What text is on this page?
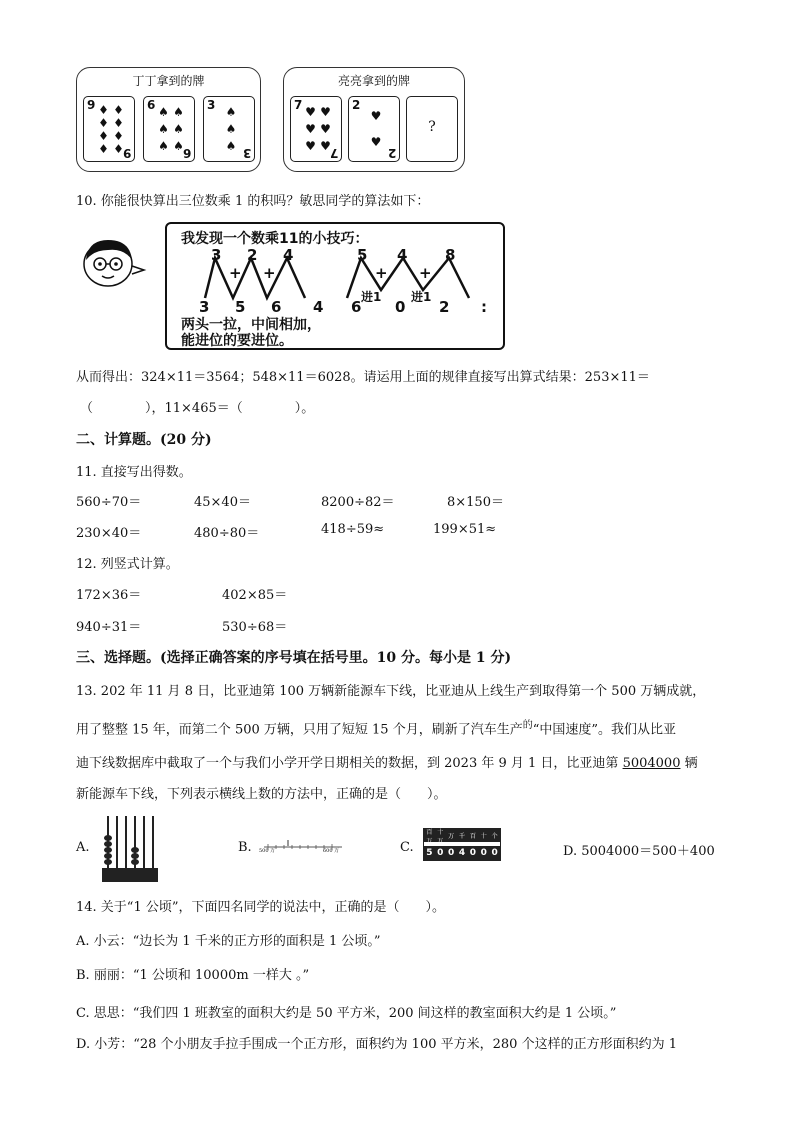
丁丁拿到的牌
9 ♦ ♦
♦ ♦
♦ ♦
♦ ♦
9
6 ♠ ♠
♠ ♠
♠ ♠
6
3 ♠
♠
♠ 3
亮亮拿到的牌
7 ♥ ♥
♥ ♥
♥ ♥
7
2
♥
♥
2
?
10. 你能很快算出三位数乘 1 的积吗？敏思同学的算法如下：
我发现一个数乘11的小技巧：
3 2 4
+ +
3 5 6 4
5 4	8
+ +
进1 进1
6 0 2 :
两头一拉，中间相加，
能进位的要进位。
从而得出：324×11＝3564；548×11＝6028。请运用上面的规律直接写出算式结果：253×11＝
（　　　　），11×465＝（　　　　）。
二、计算题。(20 分)
11. 直接写出得数。
560÷70＝	45×40＝	8200÷82＝	8×150＝
230×40＝	480÷80＝	418÷59≈	199×51≈
12. 列竖式计算。
172×36＝	402×85＝
940÷31＝	530÷68＝
三、选择题。(选择正确答案的序号填在括号里。10 分。每小是 1 分)
13. 202 年 11 月 8 日，比亚迪第 100 万辆新能源车下线，比亚迪从上线生产到取得第一个 500 万辆成就，
用了整整 15 年，而第二个 500 万辆，只用了短短 15 个月，刷新了汽车生产$^的$“中国速度”。我们从比亚
迪下线数据库中截取了一个与我们小学开学日期相关的数据，到 2023 年 9 月 1 日，比亚迪第 5004000 辆
新能源车下线，下列表示横线上数的方法中，正确的是（　　）。
A.	B. 500 万	600 万	C.
百万
十万
万 千 百 十 个
5 0 0 4 0 0 0	D. 5004000＝500＋400
14. 关于“1 公顷”，下面四名同学的说法中，正确的是（　　）。
A. 小云：“边长为 1 千米的正方形的面积是 1 公顷。”
B. 丽丽：“1 公顷和 10000m 一样大 。”
C. 思思：“我们四 1 班教室的面积大约是 50 平方米，200 间这样的教室面积大约是 1 公顷。”
D. 小芳：“28 个小朋友手拉手围成一个正方形，面积约为 100 平方米，280 个这样的正方形面积约为 1
